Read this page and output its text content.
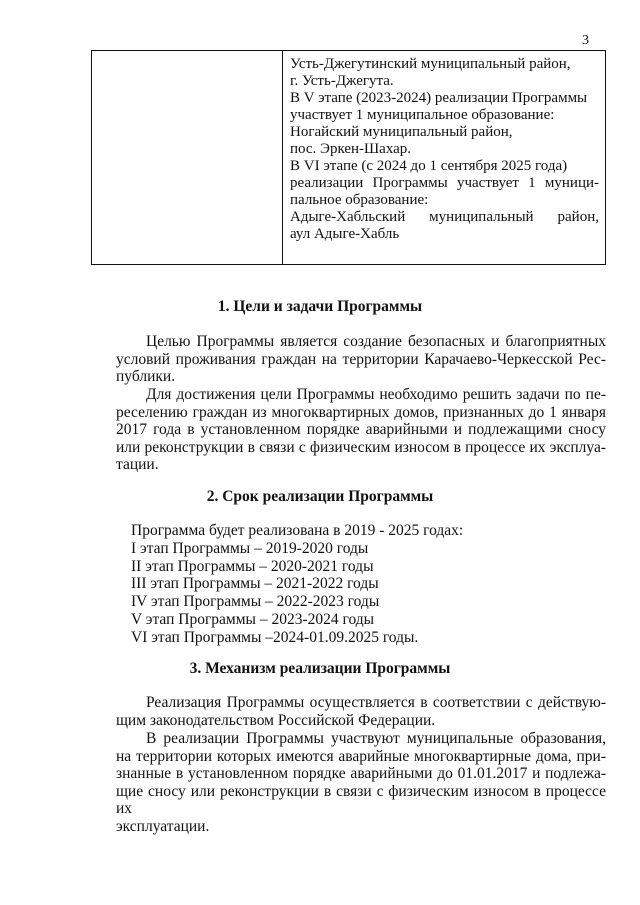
3
Усть-Джегутинский муниципальный район,
г. Усть-Джегута.
В V этапе (2023-2024) реализации Программы
участвует 1 муниципальное образование:
Ногайский муниципальный район,
пос. Эркен-Шахар.
В VI этапе (с 2024 до 1 сентября 2025 года)
реализации Программы участвует 1 муници-
пальное образование:
Адыге-Хабльский муниципальный район,
аул Адыге-Хабль
1. Цели и задачи Программы
Целью Программы является создание безопасных и благоприятных
условий проживания граждан на территории Карачаево-Черкесской Рес-
публики.
Для достижения цели Программы необходимо решить задачи по пе-
реселению граждан из многоквартирных домов, признанных до 1 января
2017 года в установленном порядке аварийными и подлежащими сносу
или реконструкции в связи с физическим износом в процессе их эксплуа-
тации.
2. Срок реализации Программы
Программа будет реализована в 2019 - 2025 годах:
I этап Программы – 2019-2020 годы
II этап Программы – 2020-2021 годы
III этап Программы – 2021-2022 годы
IV этап Программы – 2022-2023 годы
V этап Программы – 2023-2024 годы
VI этап Программы –2024-01.09.2025 годы.
3. Механизм реализации Программы
Реализация Программы осуществляется в соответствии с действую-
щим законодательством Российской Федерации.
В реализации Программы участвуют муниципальные образования,
на территории которых имеются аварийные многоквартирные дома, при-
знанные в установленном порядке аварийными до 01.01.2017 и подлежа-
щие сносу или реконструкции в связи с физическим износом в процессе их
эксплуатации.
